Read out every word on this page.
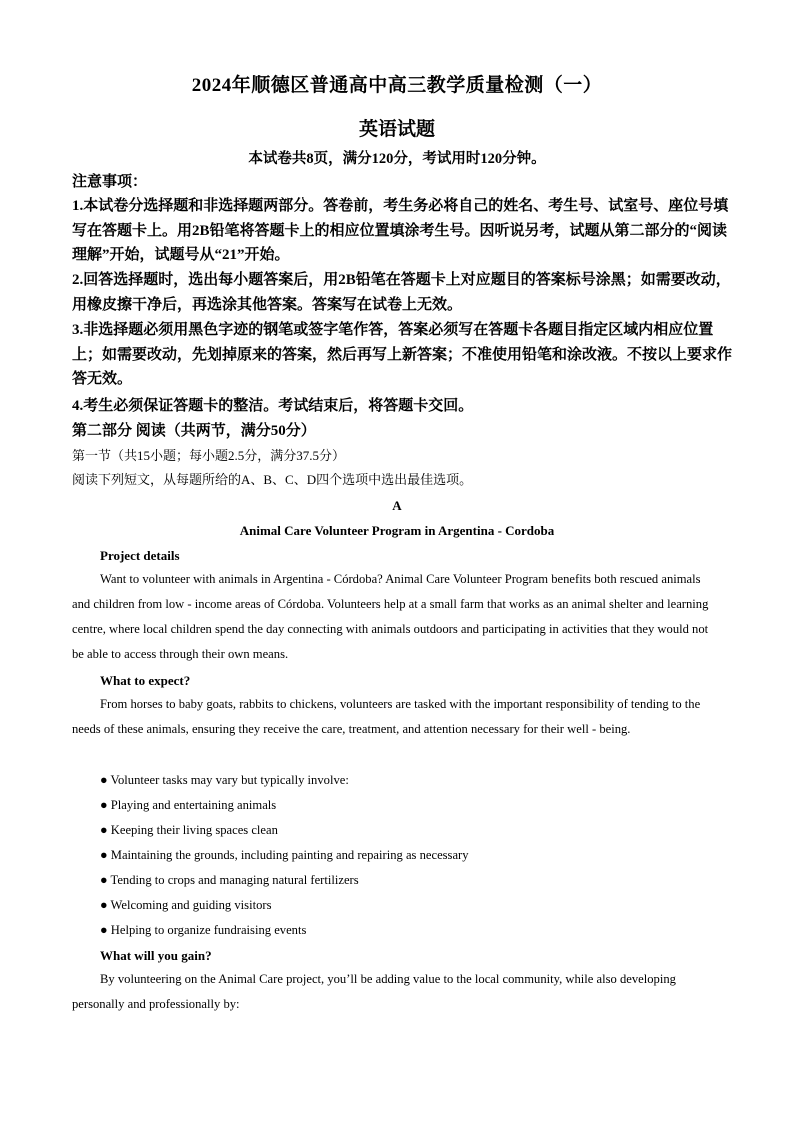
2024年顺德区普通高中高三教学质量检测（一）
英语试题
本试卷共8页，满分120分，考试用时120分钟。
注意事项：
1.本试卷分选择题和非选择题两部分。答卷前，考生务必将自己的姓名、考生号、试室号、座位号填写在答题卡上。用2B铅笔将答题卡上的相应位置填涂考生号。因听说另考，试题从第二部分的“阅读理解”开始，试题号从“21”开始。
2.回答选择题时，选出每小题答案后，用2B铅笔在答题卡上对应题目的答案标号涂黑；如需要改动，用橡皮擦干净后，再选涂其他答案。答案写在试卷上无效。
3.非选择题必须用黑色字迹的钢笔或签字笔作答，答案必须写在答题卡各题目指定区域内相应位置上；如需要改动，先划掉原来的答案，然后再写上新答案；不准使用铅笔和涂改液。不按以上要求作答无效。
4.考生必须保证答题卡的整洁。考试结束后，将答题卡交回。
第二部分 阅读（共两节，满分50分）
第一节（共15小题；每小题2.5分，满分37.5分）
阅读下列短文，从每题所给的A、B、C、D四个选项中选出最佳选项。
A
Animal Care Volunteer Program in Argentina - Cordoba
Project details
Want to volunteer with animals in Argentina - Córdoba? Animal Care Volunteer Program benefits both rescued animals and children from low - income areas of Córdoba. Volunteers help at a small farm that works as an animal shelter and learning centre, where local children spend the day connecting with animals outdoors and participating in activities that they would not be able to access through their own means.
What to expect?
From horses to baby goats, rabbits to chickens, volunteers are tasked with the important responsibility of tending to the needs of these animals, ensuring they receive the care, treatment, and attention necessary for their well - being.
● Volunteer tasks may vary but typically involve:
● Playing and entertaining animals
● Keeping their living spaces clean
● Maintaining the grounds, including painting and repairing as necessary
● Tending to crops and managing natural fertilizers
● Welcoming and guiding visitors
● Helping to organize fundraising events
What will you gain?
By volunteering on the Animal Care project, you’ll be adding value to the local community, while also developing personally and professionally by:
